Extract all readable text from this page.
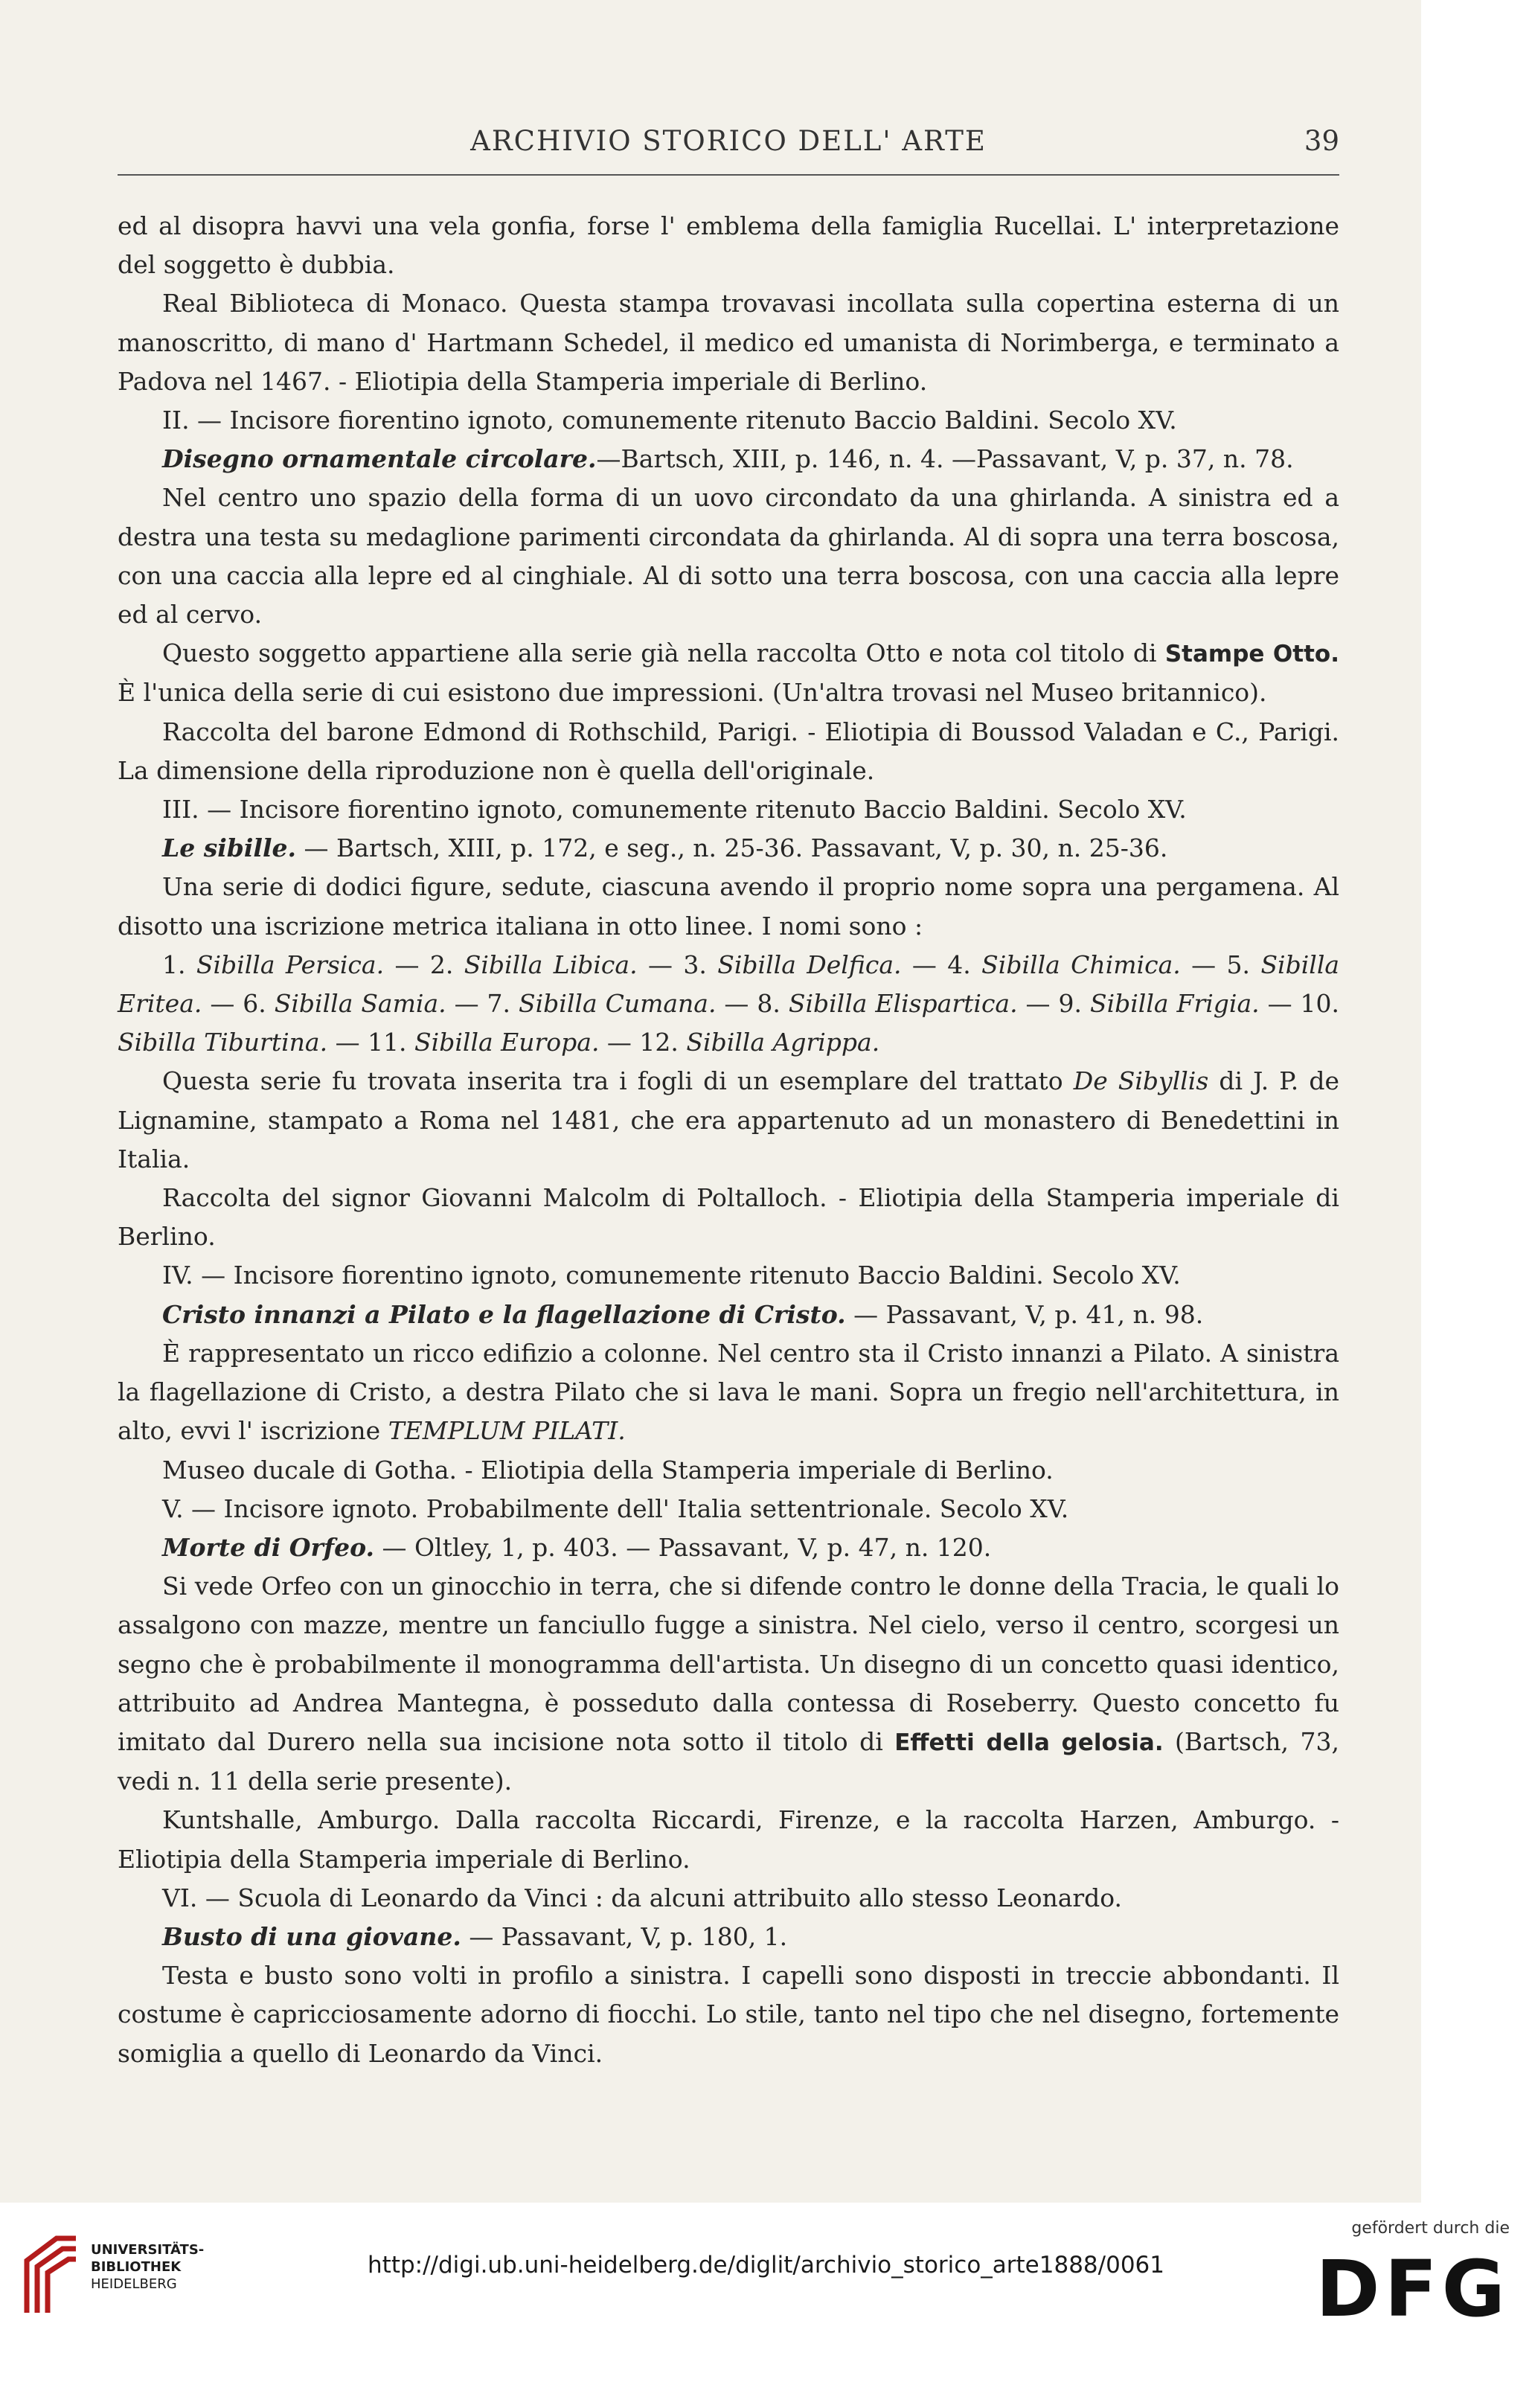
ARCHIVIO STORICO DELL' ARTE	39

ed al disopra havvi una vela gonfia, forse l' emblema della famiglia Rucellai. L' interpretazione del soggetto è dubbia.

Real Biblioteca di Monaco. Questa stampa trovavasi incollata sulla copertina esterna di un manoscritto, di mano d' Hartmann Schedel, il medico ed umanista di Norimberga, e terminato a Padova nel 1467. - Eliotipia della Stamperia imperiale di Berlino.

II. — Incisore fiorentino ignoto, comunemente ritenuto Baccio Baldini. Secolo XV.

Disegno ornamentale circolare.—Bartsch, XIII, p. 146, n. 4. —Passavant, V, p. 37, n. 78.

Nel centro uno spazio della forma di un uovo circondato da una ghirlanda. A sinistra ed a destra una testa su medaglione parimenti circondata da ghirlanda. Al di sopra una terra boscosa, con una caccia alla lepre ed al cinghiale. Al di sotto una terra boscosa, con una caccia alla lepre ed al cervo.

Questo soggetto appartiene alla serie già nella raccolta Otto e nota col titolo di Stampe Otto. È l'unica della serie di cui esistono due impressioni. (Un'altra trovasi nel Museo britannico).

Raccolta del barone Edmond di Rothschild, Parigi. - Eliotipia di Boussod Valadan e C., Parigi. La dimensione della riproduzione non è quella dell'originale.

III. — Incisore fiorentino ignoto, comunemente ritenuto Baccio Baldini. Secolo XV.

Le sibille. — Bartsch, XIII, p. 172, e seg., n. 25-36. Passavant, V, p. 30, n. 25-36.

Una serie di dodici figure, sedute, ciascuna avendo il proprio nome sopra una pergamena. Al disotto una iscrizione metrica italiana in otto linee. I nomi sono :

1. Sibilla Persica. — 2. Sibilla Libica. — 3. Sibilla Delfica. — 4. Sibilla Chimica. — 5. Sibilla Eritea. — 6. Sibilla Samia. — 7. Sibilla Cumana. — 8. Sibilla Elispartica. — 9. Sibilla Frigia. — 10. Sibilla Tiburtina. — 11. Sibilla Europa. — 12. Sibilla Agrippa.

Questa serie fu trovata inserita tra i fogli di un esemplare del trattato De Sibyllis di J. P. de Lignamine, stampato a Roma nel 1481, che era appartenuto ad un monastero di Benedettini in Italia.

Raccolta del signor Giovanni Malcolm di Poltalloch. - Eliotipia della Stamperia imperiale di Berlino.

IV. — Incisore fiorentino ignoto, comunemente ritenuto Baccio Baldini. Secolo XV.

Cristo innanzi a Pilato e la flagellazione di Cristo. — Passavant, V, p. 41, n. 98.

È rappresentato un ricco edifizio a colonne. Nel centro sta il Cristo innanzi a Pilato. A sinistra la flagellazione di Cristo, a destra Pilato che si lava le mani. Sopra un fregio nell'architettura, in alto, evvi l' iscrizione TEMPLUM PILATI.

Museo ducale di Gotha. - Eliotipia della Stamperia imperiale di Berlino.

V. — Incisore ignoto. Probabilmente dell' Italia settentrionale. Secolo XV.

Morte di Orfeo. — Oltley, 1, p. 403. — Passavant, V, p. 47, n. 120.

Si vede Orfeo con un ginocchio in terra, che si difende contro le donne della Tracia, le quali lo assalgono con mazze, mentre un fanciullo fugge a sinistra. Nel cielo, verso il centro, scorgesi un segno che è probabilmente il monogramma dell'artista. Un disegno di un concetto quasi identico, attribuito ad Andrea Mantegna, è posseduto dalla contessa di Roseberry. Questo concetto fu imitato dal Durero nella sua incisione nota sotto il titolo di Effetti della gelosia. (Bartsch, 73, vedi n. 11 della serie presente).

Kuntshalle, Amburgo. Dalla raccolta Riccardi, Firenze, e la raccolta Harzen, Amburgo. - Eliotipia della Stamperia imperiale di Berlino.

VI. — Scuola di Leonardo da Vinci : da alcuni attribuito allo stesso Leonardo.

Busto di una giovane. — Passavant, V, p. 180, 1.

Testa e busto sono volti in profilo a sinistra. I capelli sono disposti in treccie abbondanti. Il costume è capricciosamente adorno di fiocchi. Lo stile, tanto nel tipo che nel disegno, fortemente somiglia a quello di Leonardo da Vinci.

UNIVERSITÄTS-
BIBLIOTHEK
HEIDELBERG
http://digi.ub.uni-heidelberg.de/diglit/archivio_storico_arte1888/0061
gefördert durch die
DFG
